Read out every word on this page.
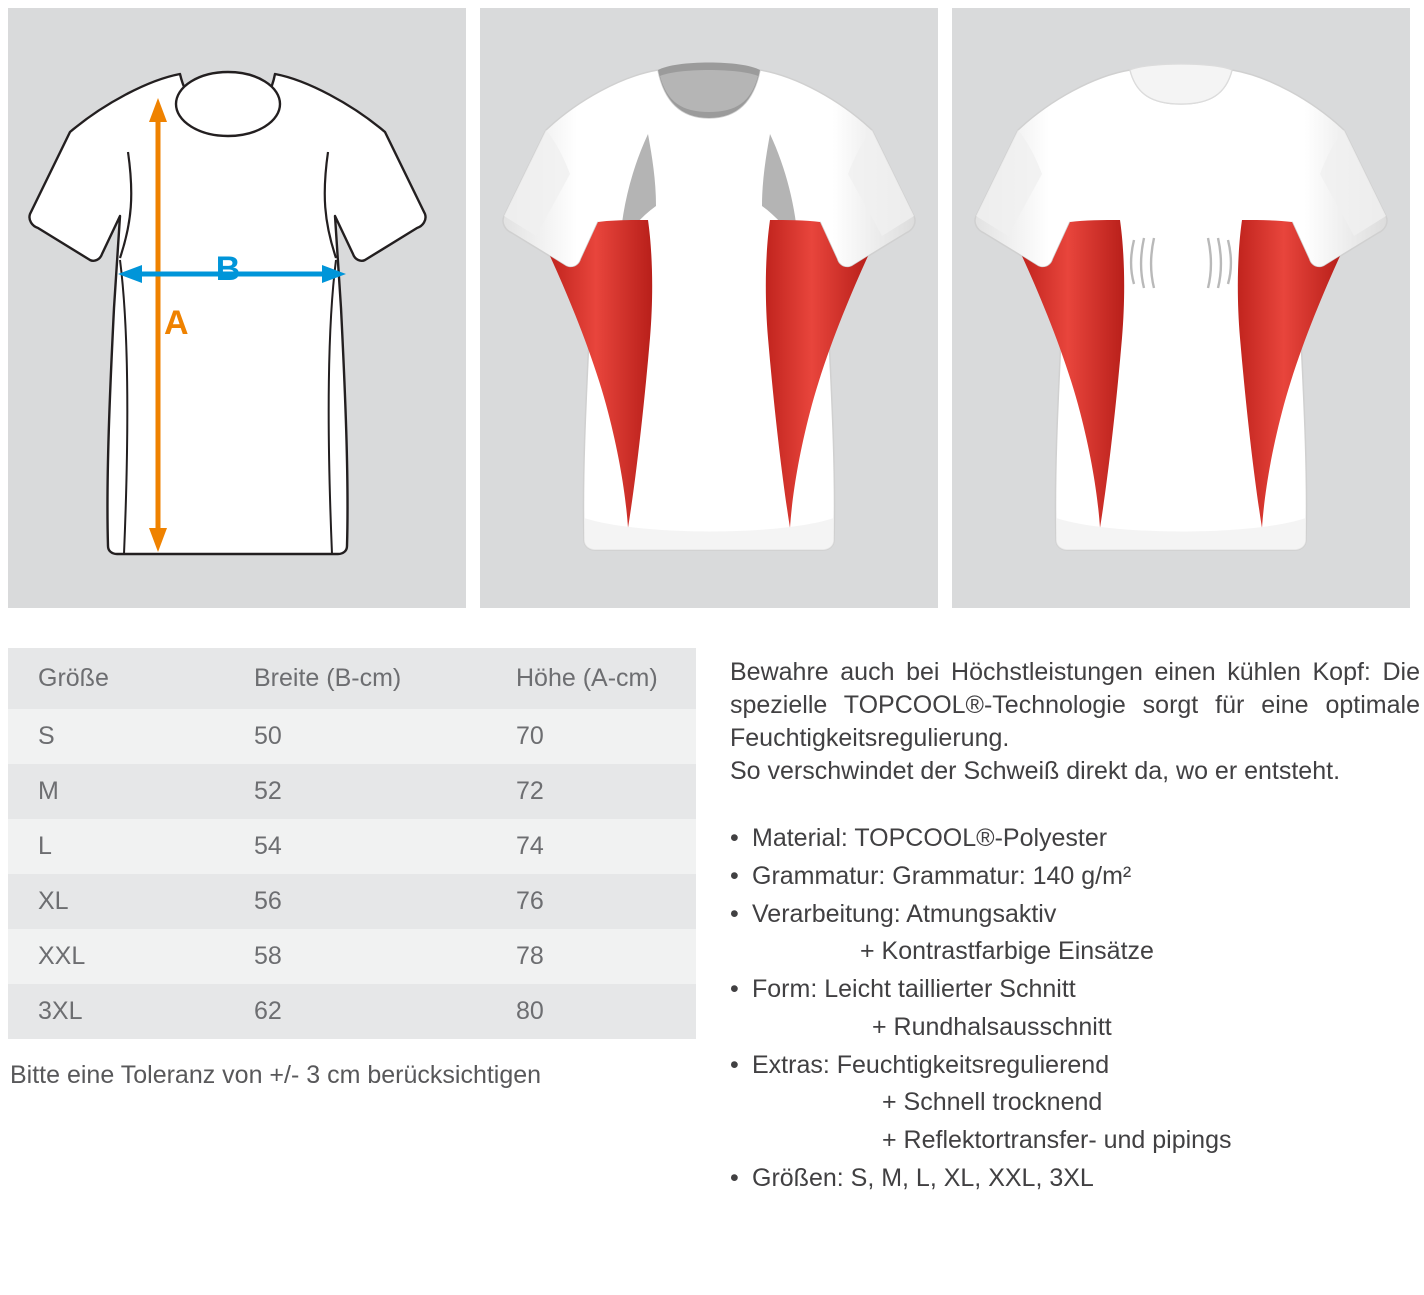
A
B
Größe	Breite (B-cm)	Höhe (A-cm)
S	50	70
M	52	72
L	54	74
XL	56	76
XXL	58	78
3XL	62	80
Bitte eine Toleranz von +/- 3 cm berücksichtigen

Bewahre auch bei Höchstleistungen einen kühlen Kopf: Die spezielle TOPCOOL®-Technologie sorgt für eine optimale Feuchtigkeitsregulierung.

So verschwindet der Schweiß direkt da, wo er entsteht.

• Material: TOPCOOL®-Polyester
• Grammatur: Grammatur: 140 g/m²
• Verarbeitung: Atmungsaktiv
+ Kontrastfarbige Einsätze
• Form: Leicht taillierter Schnitt
+ Rundhalsausschnitt
• Extras: Feuchtigkeitsregulierend
+ Schnell trocknend
+ Reflektortransfer- und pipings
• Größen: S, M, L, XL, XXL, 3XL
